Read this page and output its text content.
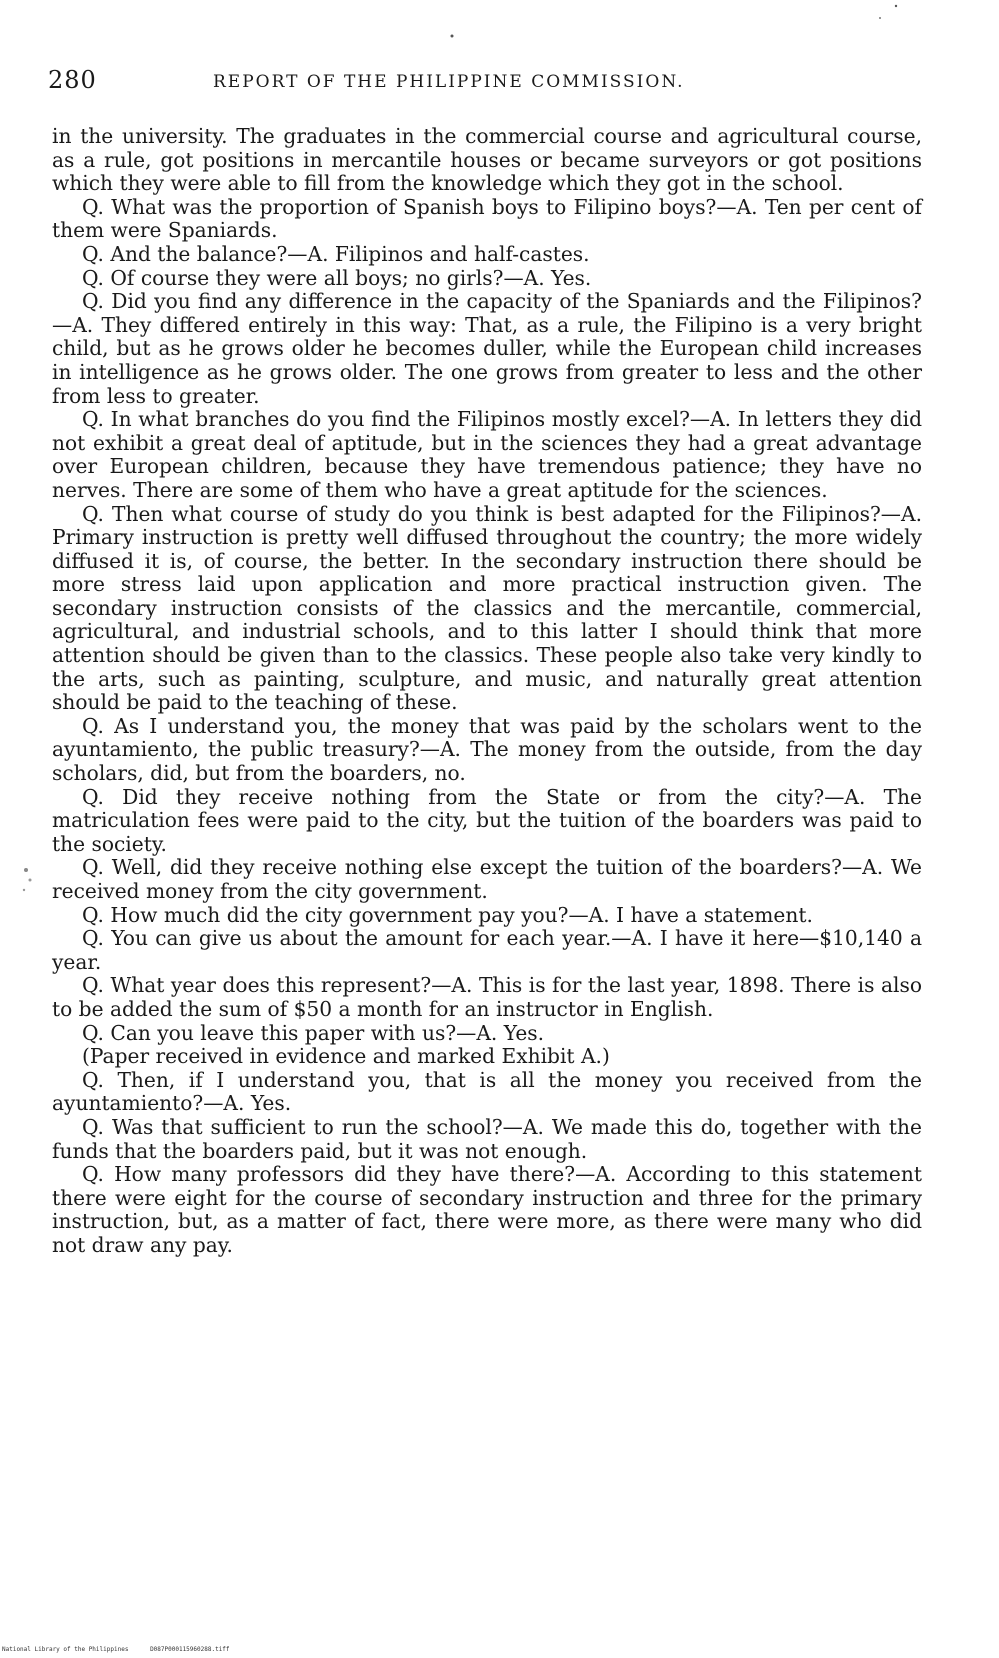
280	REPORT OF THE PHILIPPINE COMMISSION.

in the university. The graduates in the commercial course and agricultural course, as a rule, got positions in mercantile houses or became surveyors or got positions which they were able to fill from the knowledge which they got in the school.

Q. What was the proportion of Spanish boys to Filipino boys?—A. Ten per cent of them were Spaniards.

Q. And the balance?—A. Filipinos and half-castes.

Q. Of course they were all boys; no girls?—A. Yes.

Q. Did you find any difference in the capacity of the Spaniards and the Filipinos?—A. They differed entirely in this way: That, as a rule, the Filipino is a very bright child, but as he grows older he becomes duller, while the European child increases in intelligence as he grows older. The one grows from greater to less and the other from less to greater.

Q. In what branches do you find the Filipinos mostly excel?—A. In letters they did not exhibit a great deal of aptitude, but in the sciences they had a great advantage over European children, because they have tremendous patience; they have no nerves. There are some of them who have a great aptitude for the sciences.

Q. Then what course of study do you think is best adapted for the Filipinos?—A. Primary instruction is pretty well diffused throughout the country; the more widely diffused it is, of course, the better. In the secondary instruction there should be more stress laid upon application and more practical instruction given. The secondary instruction consists of the classics and the mercantile, commercial, agricultural, and industrial schools, and to this latter I should think that more attention should be given than to the classics. These people also take very kindly to the arts, such as painting, sculpture, and music, and naturally great attention should be paid to the teaching of these.

Q. As I understand you, the money that was paid by the scholars went to the ayuntamiento, the public treasury?—A. The money from the outside, from the day scholars, did, but from the boarders, no.

Q. Did they receive nothing from the State or from the city?—A. The matriculation fees were paid to the city, but the tuition of the boarders was paid to the society.

Q. Well, did they receive nothing else except the tuition of the boarders?—A. We received money from the city government.

Q. How much did the city government pay you?—A. I have a statement.

Q. You can give us about the amount for each year.—A. I have it here—$10,140 a year.

Q. What year does this represent?—A. This is for the last year, 1898. There is also to be added the sum of $50 a month for an instructor in English.

Q. Can you leave this paper with us?—A. Yes.

(Paper received in evidence and marked Exhibit A.)

Q. Then, if I understand you, that is all the money you received from the ayuntamiento?—A. Yes.

Q. Was that sufficient to run the school?—A. We made this do, together with the funds that the boarders paid, but it was not enough.

Q. How many professors did they have there?—A. According to this statement there were eight for the course of secondary instruction and three for the primary instruction, but, as a matter of fact, there were more, as there were many who did not draw any pay.

National Library of the Philippines	D087P000115960288.tiff
